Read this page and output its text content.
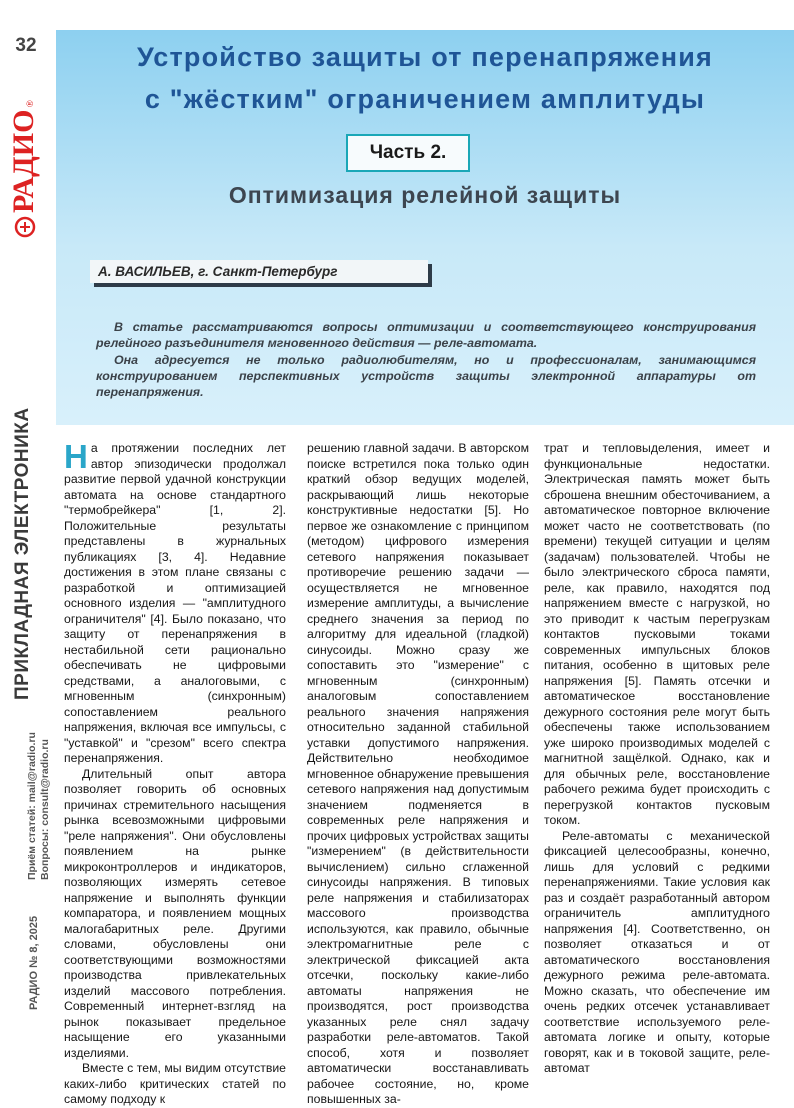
32
РАДИО
®
ПРИКЛАДНАЯ ЭЛЕКТРОНИКА
Приём статей: mail@radio.ru Вопросы: consult@radio.ru
РАДИО № 8, 2025
Устройство защиты от перенапряжения
с "жёстким" ограничением амплитуды
Часть 2.
Оптимизация релейной защиты
А. ВАСИЛЬЕВ, г. Санкт-Петербург

В статье рассматриваются вопросы оптимизации и соответствующего конструирования релейного разъединителя мгновенного действия — реле-автомата.

Она адресуется не только радиолюбителям, но и профессионалам, занимающимся конструированием перспективных устройств защиты электронной аппаратуры от перенапряжения.

На протяжении последних лет автор эпизодически продолжал развитие первой удачной конструкции автомата на основе стандартного "термобрейкера" [1, 2]. Положительные результаты представлены в журнальных публикациях [3, 4]. Недавние достижения в этом плане связаны с разработкой и оптимизацией основного изделия — "амплитудного ограничителя" [4]. Было показано, что защиту от перенапряжения в нестабильной сети рационально обеспечивать не цифровыми средствами, а аналоговыми, с мгновенным (синхронным) сопоставлением реального напряжения, включая все импульсы, с "уставкой" и "срезом" всего спектра перенапряжения.

Длительный опыт автора позволяет говорить об основных причинах стремительного насыщения рынка всевозможными цифровыми "реле напряжения". Они обусловлены появлением на рынке микроконтроллеров и индикаторов, позволяющих измерять сетевое напряжение и выполнять функции компаратора, и появлением мощных малогабаритных реле. Другими словами, обусловлены они соответствующими возможностями производства привлекательных изделий массового потребления. Современный интернет-взгляд на рынок показывает предельное насыщение его указанными изделиями.

Вместе с тем, мы видим отсутствие каких-либо критических статей по самому подходу к

решению главной задачи. В авторском поиске встретился пока только один краткий обзор ведущих моделей, раскрывающий лишь некоторые конструктивные недостатки [5]. Но первое же ознакомление с принципом (методом) цифрового измерения сетевого напряжения показывает противоречие решению задачи — осуществляется не мгновенное измерение амплитуды, а вычисление среднего значения за период по алгоритму для идеальной (гладкой) синусоиды. Можно сразу же сопоставить это "измерение" с мгновенным (синхронным) аналоговым сопоставлением реального значения напряжения относительно заданной стабильной уставки допустимого напряжения. Действительно необходимое мгновенное обнаружение превышения сетевого напряжения над допустимым значением подменяется в современных реле напряжения и прочих цифровых устройствах защиты "измерением" (в действительности вычислением) сильно сглаженной синусоиды напряжения. В типовых реле напряжения и стабилизаторах массового производства используются, как правило, обычные электромагнитные реле с электрической фиксацией акта отсечки, поскольку какие-либо автоматы напряжения не производятся, рост производства указанных реле снял задачу разработки реле-автоматов. Такой способ, хотя и позволяет автоматически восстанавливать рабочее состояние, но, кроме повышенных за-

трат и тепловыделения, имеет и функциональные недостатки. Электрическая память может быть сброшена внешним обесточиванием, а автоматическое повторное включение может часто не соответствовать (по времени) текущей ситуации и целям (задачам) пользователей. Чтобы не было электрического сброса памяти, реле, как правило, находятся под напряжением вместе с нагрузкой, но это приводит к частым перегрузкам контактов пусковыми токами современных импульсных блоков питания, особенно в щитовых реле напряжения [5]. Память отсечки и автоматическое восстановление дежурного состояния реле могут быть обеспечены также использованием уже широко производимых моделей с магнитной защёлкой. Однако, как и для обычных реле, восстановление рабочего режима будет происходить с перегрузкой контактов пусковым током.

Реле-автоматы с механической фиксацией целесообразны, конечно, лишь для условий с редкими перенапряжениями. Такие условия как раз и создаёт разработанный автором ограничитель амплитудного напряжения [4]. Соответственно, он позволяет отказаться и от автоматического восстановления дежурного режима реле-автомата. Можно сказать, что обеспечение им очень редких отсечек устанавливает соответствие используемого реле-автомата логике и опыту, которые говорят, как и в токовой защите, реле-автомат
